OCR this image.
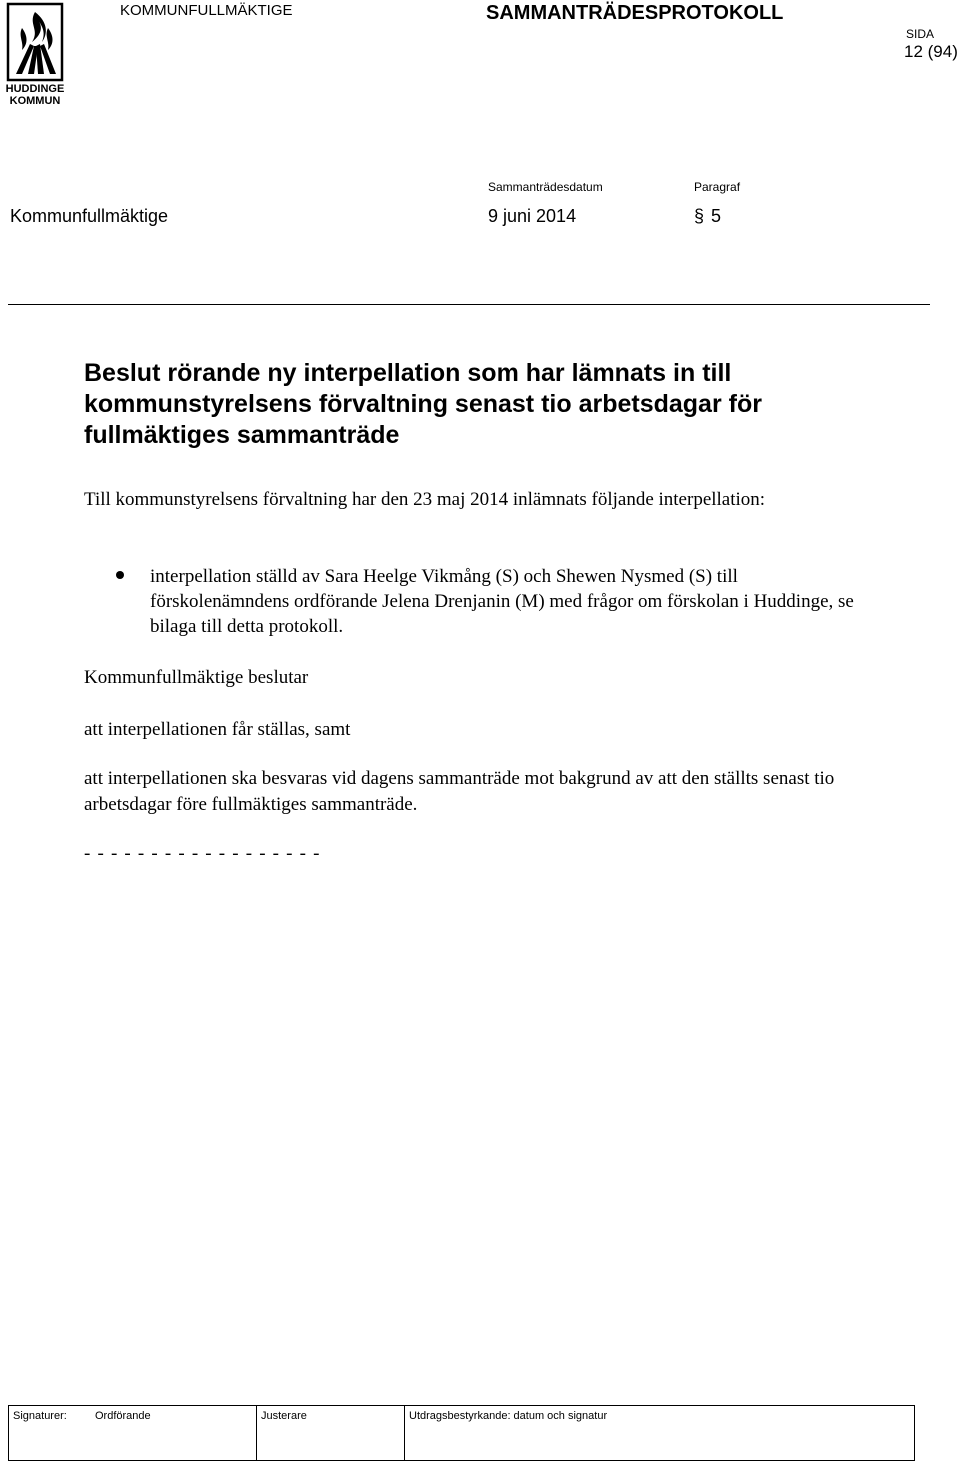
HUDDINGE
KOMMUN
KOMMUNFULLMÄKTIGE	SAMMANTRÄDESPROTOKOLL
SIDA
12 (94)
Sammanträdesdatum	Paragraf
Kommunfullmäktige	9 juni 2014	§ 5
Beslut rörande ny interpellation som har lämnats in till kommunstyrelsens förvaltning senast tio arbetsdagar för fullmäktiges sammanträde
Till kommunstyrelsens förvaltning har den 23 maj 2014 inlämnats följande interpellation:
interpellation ställd av Sara Heelge Vikmång (S) och Shewen Nysmed (S) till förskolenämndens ordförande Jelena Drenjanin (M) med frågor om förskolan i Huddinge, se bilaga till detta protokoll.
Kommunfullmäktige beslutar
att interpellationen får ställas, samt
att interpellationen ska besvaras vid dagens sammanträde mot bakgrund av att den ställts senast tio arbetsdagar före fullmäktiges sammanträde.
- - - - - - - - - - - - - - - - - -
Signaturer:	Ordförande	Justerare	Utdragsbestyrkande: datum och signatur
